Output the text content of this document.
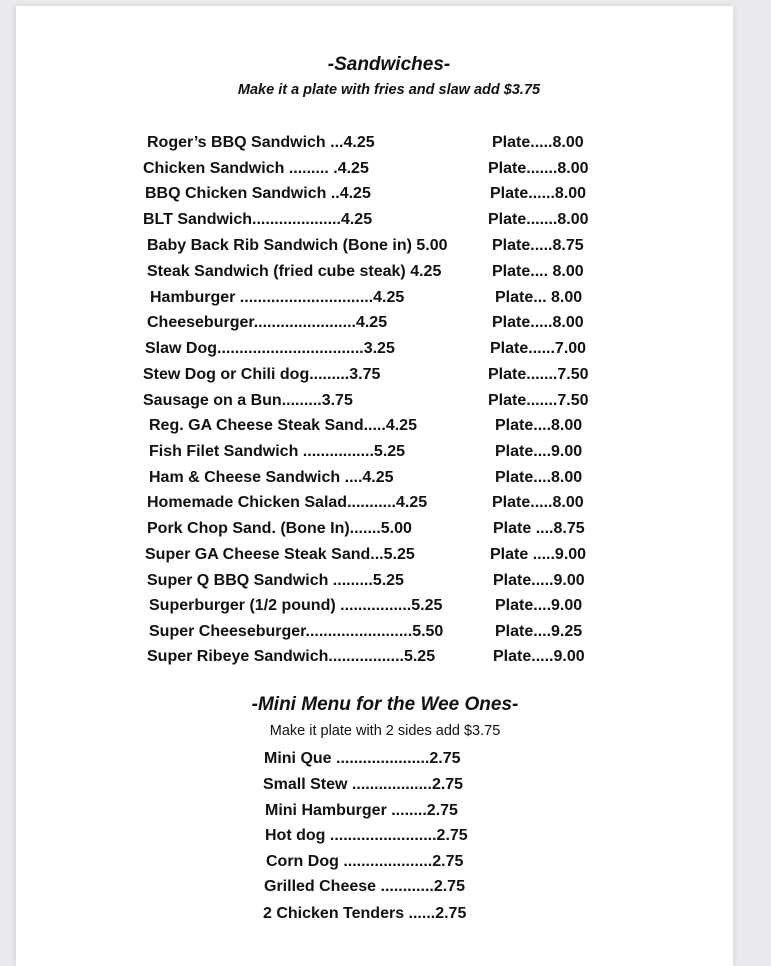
-Sandwiches-
Make it a plate with fries and slaw add $3.75
Roger’s BBQ Sandwich ...4.25	Plate.....8.00
Chicken Sandwich ......... .4.25	Plate.......8.00
BBQ Chicken Sandwich ..4.25	Plate......8.00
BLT Sandwich....................4.25	Plate.......8.00
Baby Back Rib Sandwich (Bone in) 5.00	Plate.....8.75
Steak Sandwich (fried cube steak) 4.25	Plate.... 8.00
Hamburger ..............................4.25	Plate... 8.00
Cheeseburger.......................4.25	Plate.....8.00
Slaw Dog.................................3.25	Plate......7.00
Stew Dog or Chili dog.........3.75	Plate.......7.50
Sausage on a Bun.........3.75	Plate.......7.50
Reg. GA Cheese Steak Sand.....4.25	Plate....8.00
Fish Filet Sandwich ................5.25	Plate....9.00
Ham & Cheese Sandwich ....4.25	Plate....8.00
Homemade Chicken Salad...........4.25	Plate.....8.00
Pork Chop Sand. (Bone In).......5.00	Plate ....8.75
Super GA Cheese Steak Sand...5.25	Plate .....9.00
Super Q BBQ Sandwich .........5.25	Plate.....9.00
Superburger (1/2 pound) ................5.25	Plate....9.00
Super Cheeseburger........................5.50	Plate....9.25
Super Ribeye Sandwich.................5.25	Plate.....9.00
-Mini Menu for the Wee Ones-
Make it plate with 2 sides add $3.75
Mini Que .....................2.75
Small Stew ..................2.75
Mini Hamburger ........2.75
Hot dog ........................2.75
Corn Dog ....................2.75
Grilled Cheese ............2.75
2 Chicken Tenders ......2.75
